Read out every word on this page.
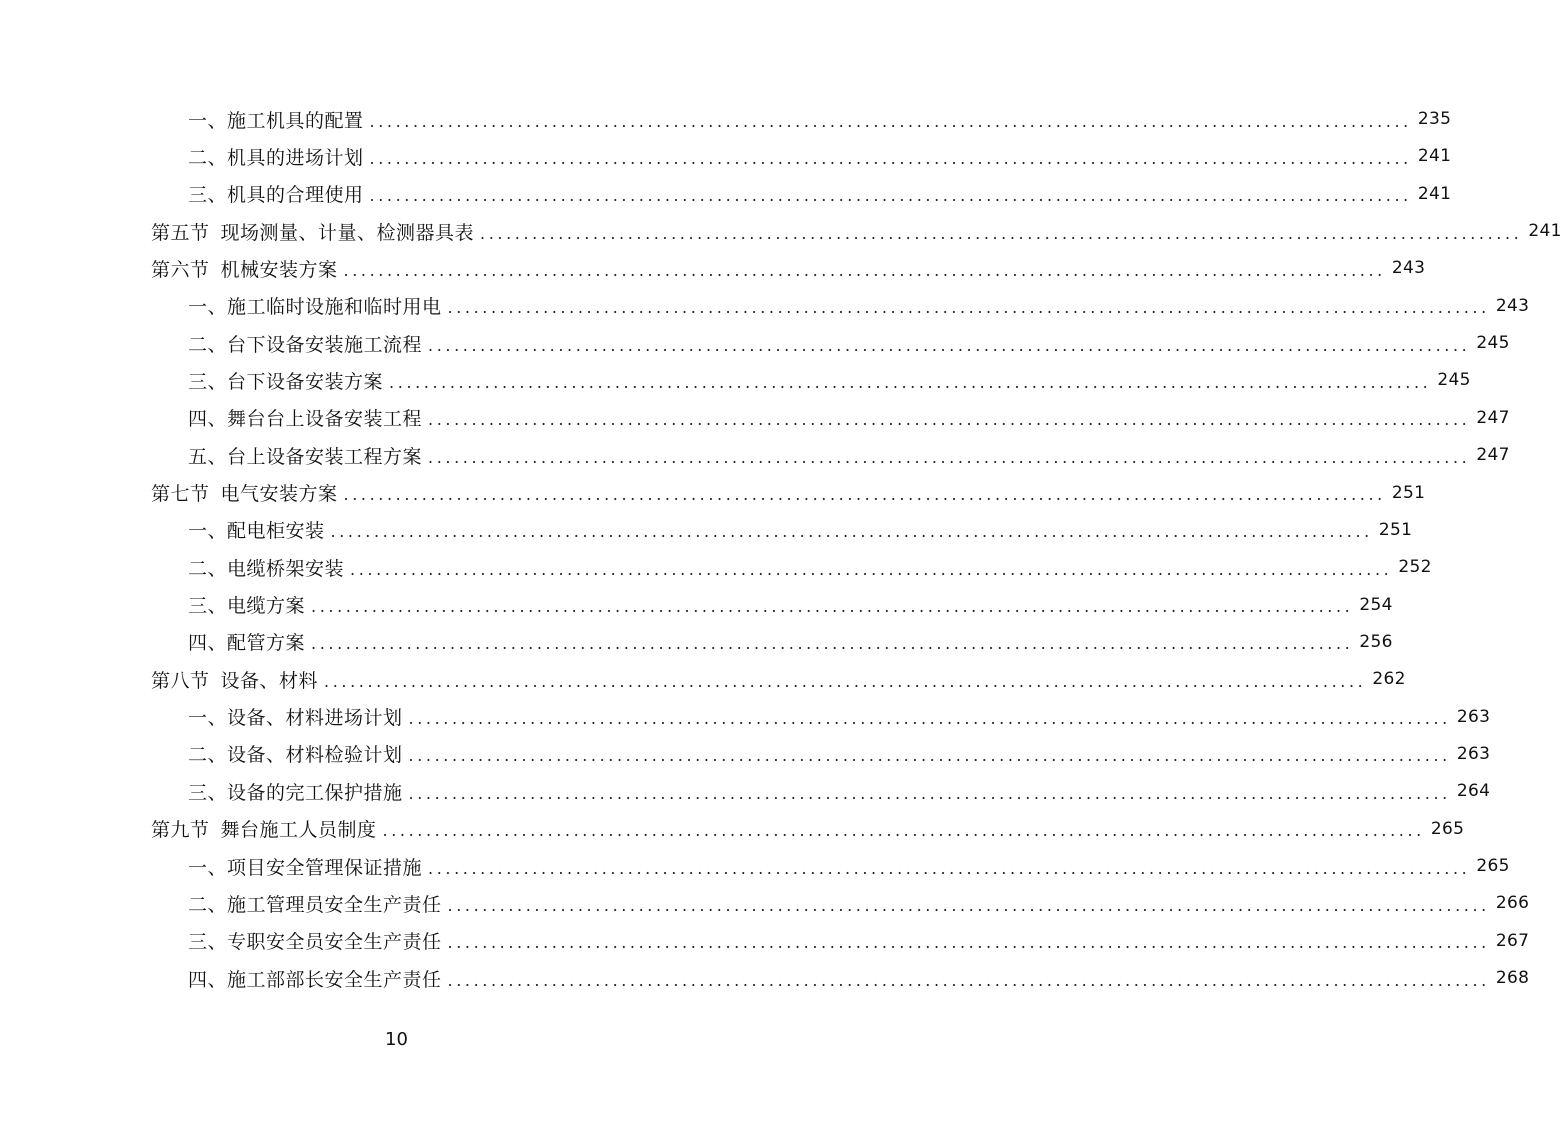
一、施工机具的配置 ........................................................................................................................ 235
二、机具的进场计划 ........................................................................................................................ 241
三、机具的合理使用 ........................................................................................................................ 241
第五节 现场测量、计量、检测器具表 ........................................................................................................................ 241
第六节 机械安装方案 ........................................................................................................................ 243
一、施工临时设施和临时用电 ........................................................................................................................ 243
二、台下设备安装施工流程 ........................................................................................................................ 245
三、台下设备安装方案 ........................................................................................................................ 245
四、舞台台上设备安装工程 ........................................................................................................................ 247
五、台上设备安装工程方案 ........................................................................................................................ 247
第七节 电气安装方案 ........................................................................................................................ 251
一、配电柜安装 ........................................................................................................................ 251
二、电缆桥架安装 ........................................................................................................................ 252
三、电缆方案 ........................................................................................................................ 254
四、配管方案 ........................................................................................................................ 256
第八节 设备、材料 ........................................................................................................................ 262
一、设备、材料进场计划 ........................................................................................................................ 263
二、设备、材料检验计划 ........................................................................................................................ 263
三、设备的完工保护措施 ........................................................................................................................ 264
第九节 舞台施工人员制度 ........................................................................................................................ 265
一、项目安全管理保证措施 ........................................................................................................................ 265
二、施工管理员安全生产责任 ........................................................................................................................ 266
三、专职安全员安全生产责任 ........................................................................................................................ 267
四、施工部部长安全生产责任 ........................................................................................................................ 268
10
